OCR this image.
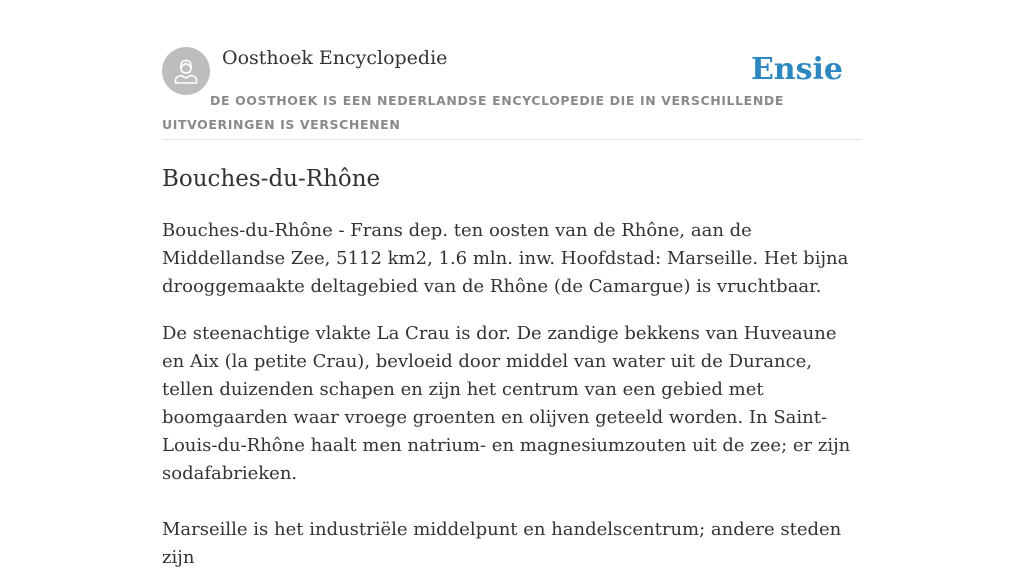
Oosthoek Encyclopedie	Ensie

DE OOSTHOEK IS EEN NEDERLANDSE ENCYCLOPEDIE DIE IN VERSCHILLENDE UITVOERINGEN IS VERSCHENEN

Bouches-du-Rhône

Bouches-du-Rhône - Frans dep. ten oosten van de Rhône, aan de Middellandse Zee, 5112 km2, 1.6 mln. inw. Hoofdstad: Marseille. Het bijna drooggemaakte deltagebied van de Rhône (de Camargue) is vruchtbaar.

De steenachtige vlakte La Crau is dor. De zandige bekkens van Huveaune en Aix (la petite Crau), bevloeid door middel van water uit de Durance, tellen duizenden schapen en zijn het centrum van een gebied met boomgaarden waar vroege groenten en olijven geteeld worden. In Saint-Louis-du-Rhône haalt men natrium- en magnesiumzouten uit de zee; er zijn sodafabrieken.

Marseille is het industriële middelpunt en handelscentrum; andere steden zijn
